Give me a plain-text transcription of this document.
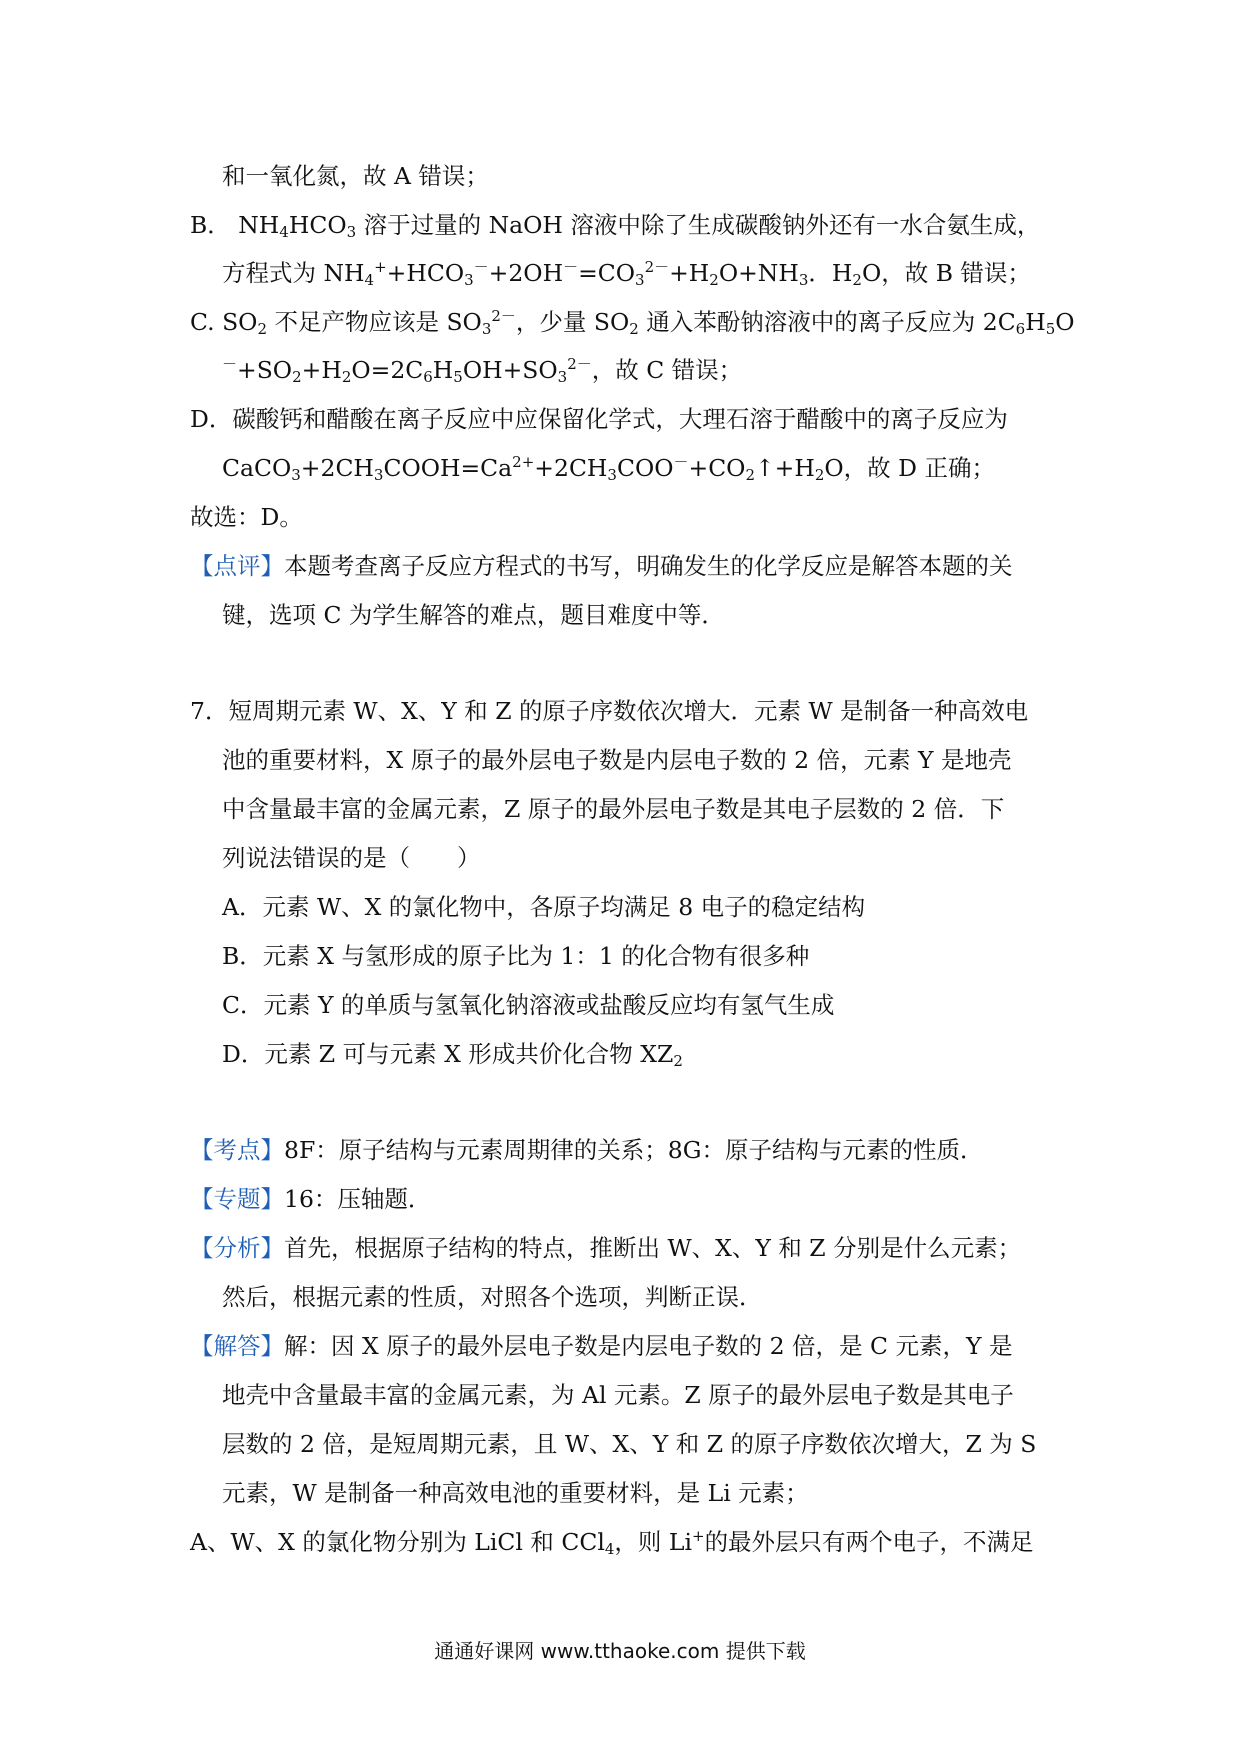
和一氧化氮，故 A 错误；
B． $NH_4HCO_3$ 溶于过量的 NaOH 溶液中除了生成碳酸钠外还有一水合氨生成，
方程式为 $NH_4^++HCO_3^-+2OH^-=CO_3^{2-}+H_2O+NH_3$．$H_2O$，故 B 错误；
C. $SO_2$ 不足产物应该是 $SO_3^{2-}$，少量 $SO_2$ 通入苯酚钠溶液中的离子反应为 $2C_6H_5O$
$^-+SO_2+H_2O=2C_6H_5OH+SO_3^{2-}$，故 C 错误；
D．碳酸钙和醋酸在离子反应中应保留化学式，大理石溶于醋酸中的离子反应为
$CaCO_3+2CH_3COOH=Ca^{2+}+2CH_3COO^-+CO_2↑+H_2O$，故 D 正确；
故选：D。
【点评】本题考查离子反应方程式的书写，明确发生的化学反应是解答本题的关
键，选项 C 为学生解答的难点，题目难度中等．
7．短周期元素 W、X、Y 和 Z 的原子序数依次增大．元素 W 是制备一种高效电
池的重要材料，X 原子的最外层电子数是内层电子数的 2 倍，元素 Y 是地壳
中含量最丰富的金属元素，Z 原子的最外层电子数是其电子层数的 2 倍．下
列说法错误的是（　　）
A．元素 W、X 的氯化物中，各原子均满足 8 电子的稳定结构
B．元素 X 与氢形成的原子比为 1：1 的化合物有很多种
C．元素 Y 的单质与氢氧化钠溶液或盐酸反应均有氢气生成
D．元素 Z 可与元素 X 形成共价化合物 $XZ_2$
【考点】8F：原子结构与元素周期律的关系；8G：原子结构与元素的性质．
【专题】16：压轴题．
【分析】首先，根据原子结构的特点，推断出 W、X、Y 和 Z 分别是什么元素；
然后，根据元素的性质，对照各个选项，判断正误．
【解答】解：因 X 原子的最外层电子数是内层电子数的 2 倍，是 C 元素，Y 是
地壳中含量最丰富的金属元素，为 Al 元素。Z 原子的最外层电子数是其电子
层数的 2 倍，是短周期元素，且 W、X、Y 和 Z 的原子序数依次增大，Z 为 S
元素，W 是制备一种高效电池的重要材料，是 Li 元素；
A、W、X 的氯化物分别为 LiCl 和 CCl$_4$，则 Li+的最外层只有两个电子，不满足
通通好课网 www.tthaoke.com 提供下载
